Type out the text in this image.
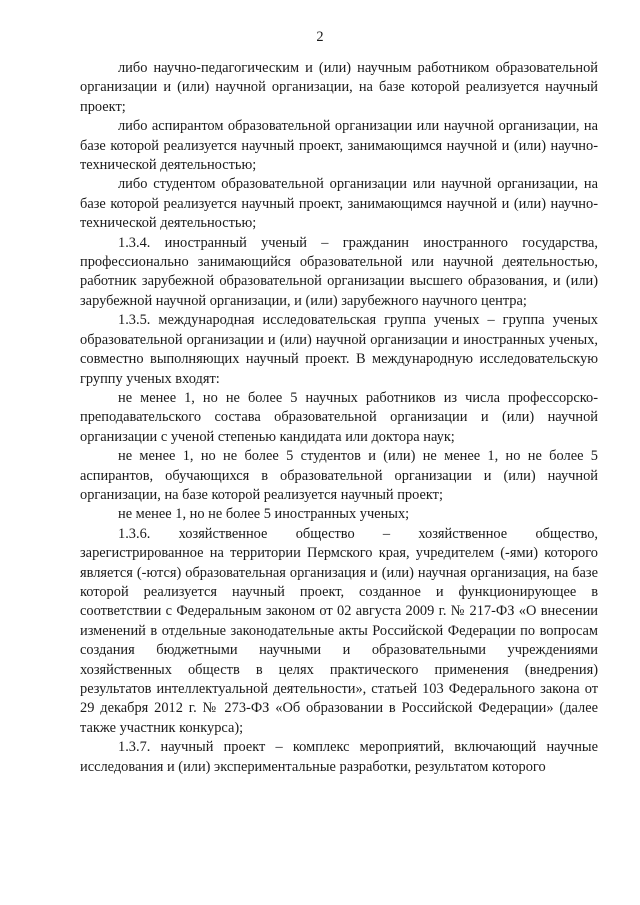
2

либо научно-педагогическим и (или) научным работником образовательной организации и (или) научной организации, на базе которой реализуется научный проект;

либо аспирантом образовательной организации или научной организации, на базе которой реализуется научный проект, занимающимся научной и (или) научно-технической деятельностью;

либо студентом образовательной организации или научной организации, на базе которой реализуется научный проект, занимающимся научной и (или) научно-технической деятельностью;

1.3.4. иностранный ученый – гражданин иностранного государства, профессионально занимающийся образовательной или научной деятельностью, работник зарубежной образовательной организации высшего образования, и (или) зарубежной научной организации, и (или) зарубежного научного центра;

1.3.5. международная исследовательская группа ученых – группа ученых образовательной организации и (или) научной организации и иностранных ученых, совместно выполняющих научный проект. В международную исследовательскую группу ученых входят:

не менее 1, но не более 5 научных работников из числа профессорско-преподавательского состава образовательной организации и (или) научной организации с ученой степенью кандидата или доктора наук;

не менее 1, но не более 5 студентов и (или) не менее 1, но не более 5 аспирантов, обучающихся в образовательной организации и (или) научной организации, на базе которой реализуется научный проект;

не менее 1, но не более 5 иностранных ученых;

1.3.6. хозяйственное общество – хозяйственное общество, зарегистрированное на территории Пермского края, учредителем (-ями) которого является (-ются) образовательная организация и (или) научная организация, на базе которой реализуется научный проект, созданное и функционирующее в соответствии с Федеральным законом от 02 августа 2009 г. № 217-ФЗ «О внесении изменений в отдельные законодательные акты Российской Федерации по вопросам создания бюджетными научными и образовательными учреждениями хозяйственных обществ в целях практического применения (внедрения) результатов интеллектуальной деятельности», статьей 103 Федерального закона от 29 декабря 2012 г. № 273-ФЗ «Об образовании в Российской Федерации» (далее также участник конкурса);

1.3.7. научный проект – комплекс мероприятий, включающий научные исследования и (или) экспериментальные разработки, результатом которого
